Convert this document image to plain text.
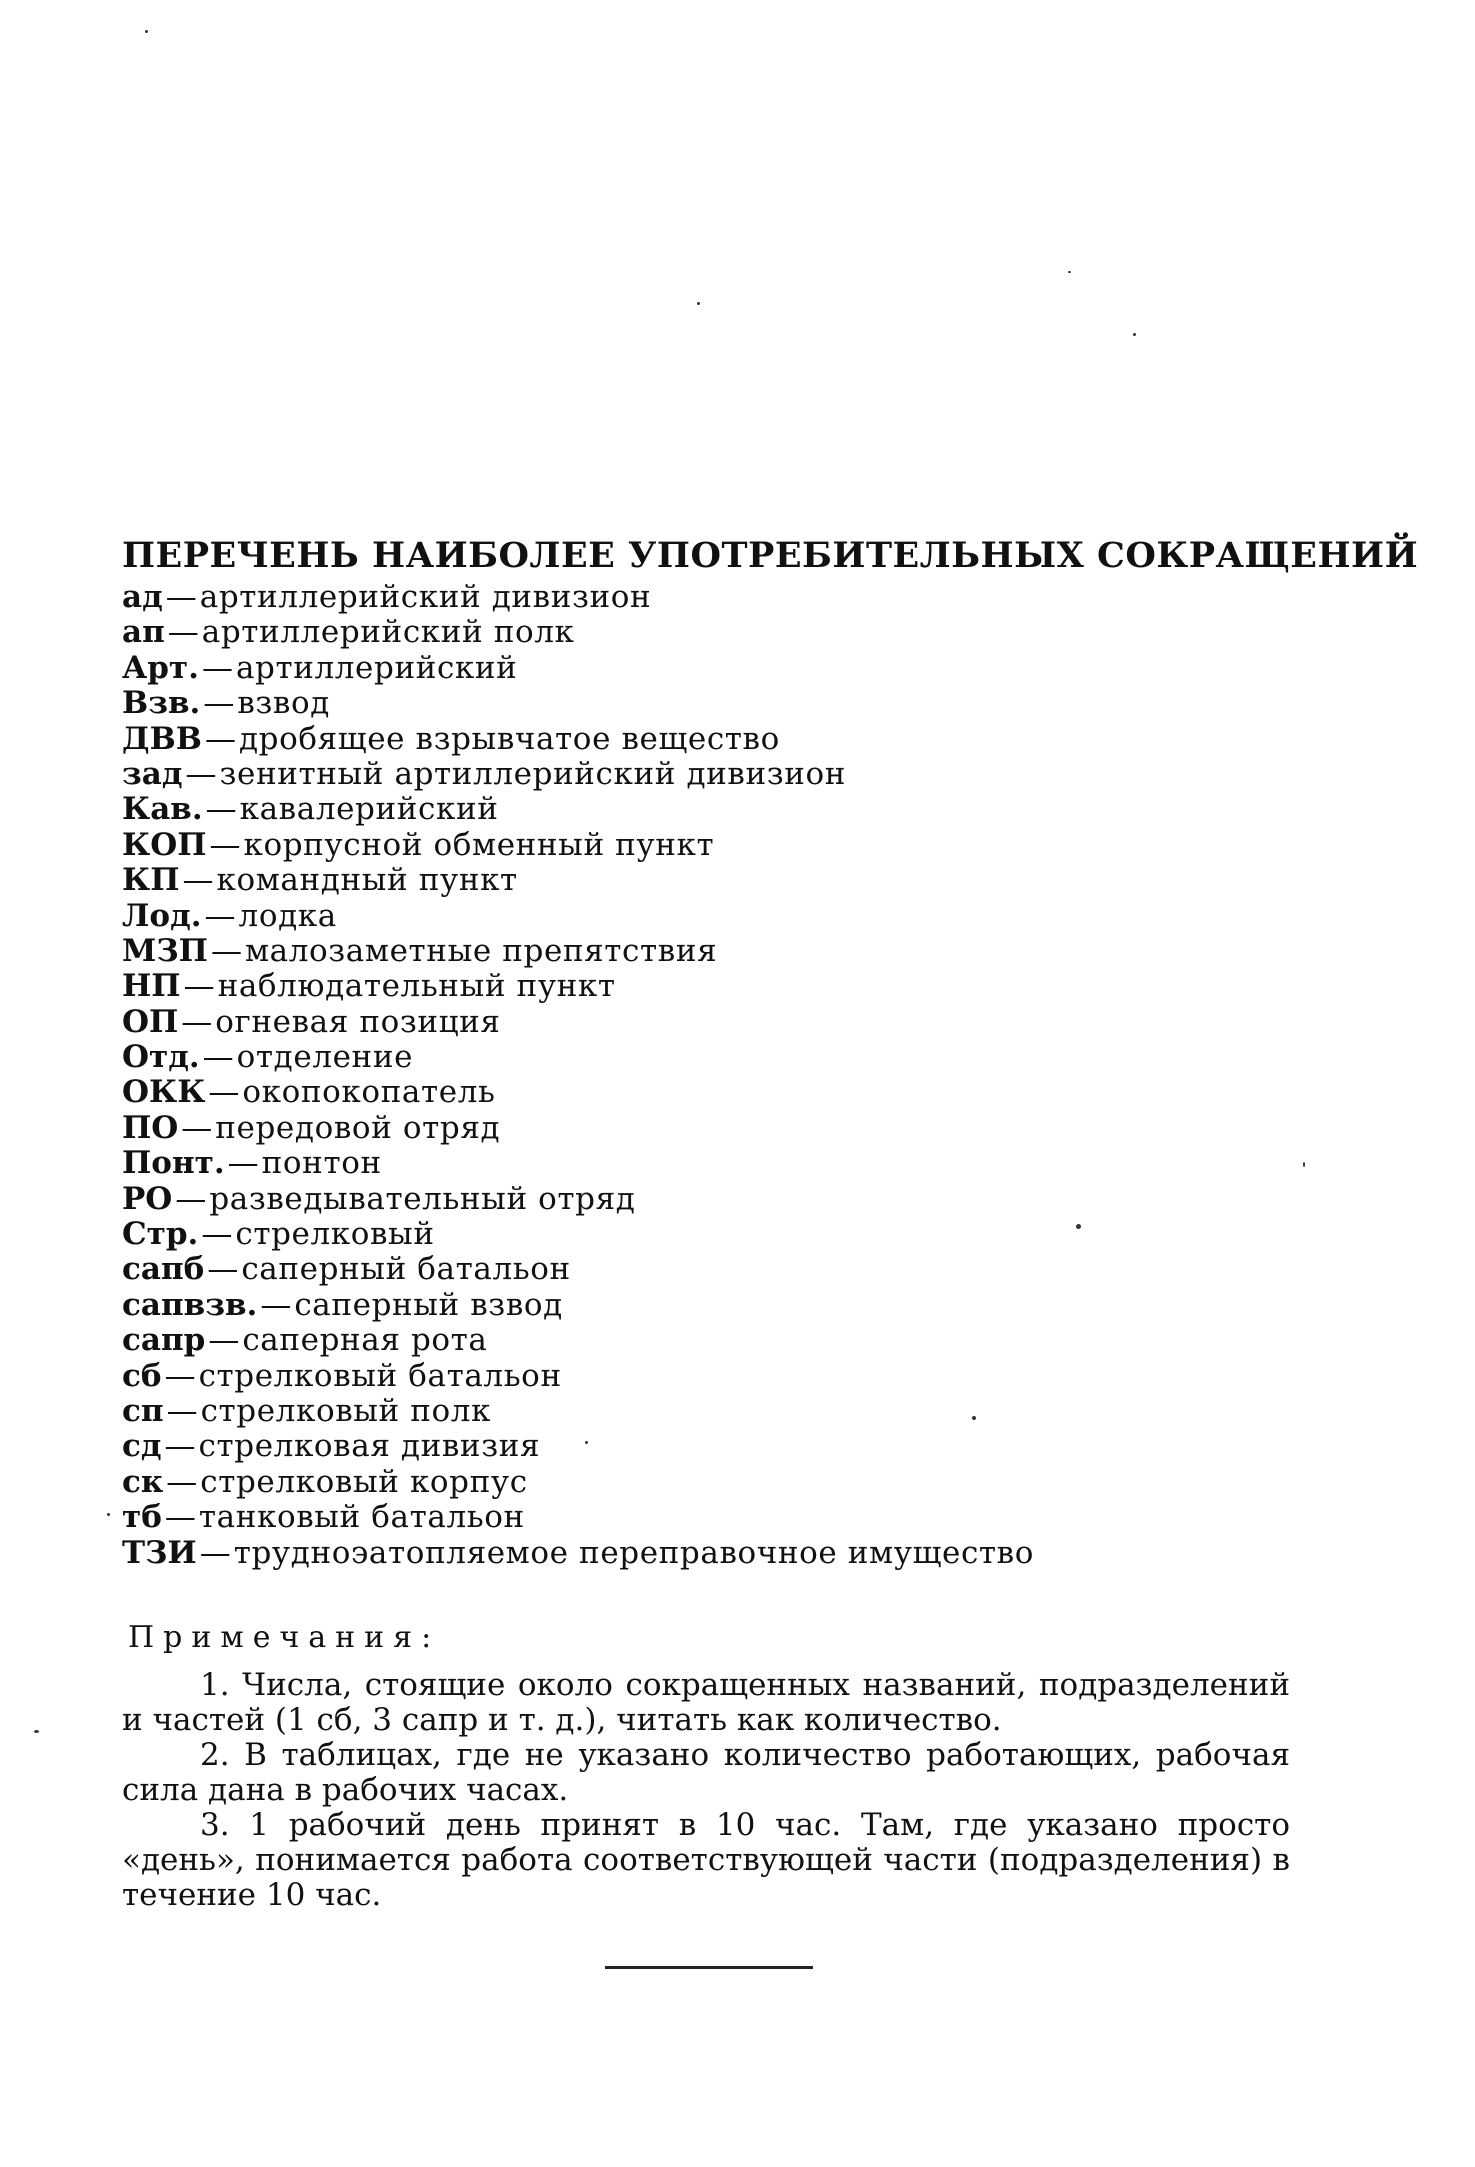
ПЕРЕЧЕНЬ НАИБОЛЕЕ УПОТРЕБИТЕЛЬНЫХ СОКРАЩЕНИЙ
ад—артиллерийский дивизион
ап—артиллерийский полк
Арт.—артиллерийский
Взв.—взвод
ДВВ—дробящее взрывчатое вещество
зад—зенитный артиллерийский дивизион
Кав.—кавалерийский
КОП—корпусной обменный пункт
КП—командный пункт
Лод.—лодка
МЗП—малозаметные препятствия
НП—наблюдательный пункт
ОП—огневая позиция
Отд.—отделение
ОКК—окопокопатель
ПО—передовой отряд
Понт.—понтон
РО—разведывательный отряд
Стр.—стрелковый
сапб—саперный батальон
сапвзв.—саперный взвод
сапр—саперная рота
сб—стрелковый батальон
сп—стрелковый полк
сд—стрелковая дивизия
ск—стрелковый корпус
тб—танковый батальон
ТЗИ—трудноэатопляемое переправочное имущество
Примечания:

1. Числа, стоящие около сокращенных названий, подразделений и частей (1 сб, 3 сапр и т. д.), читать как количество.

2. В таблицах, где не указано количество работающих, рабочая сила дана в рабочих часах.

3. 1 рабочий день принят в 10 час. Там, где указано просто «день», понимается работа соответствующей части (подразделения) в течение 10 час.
